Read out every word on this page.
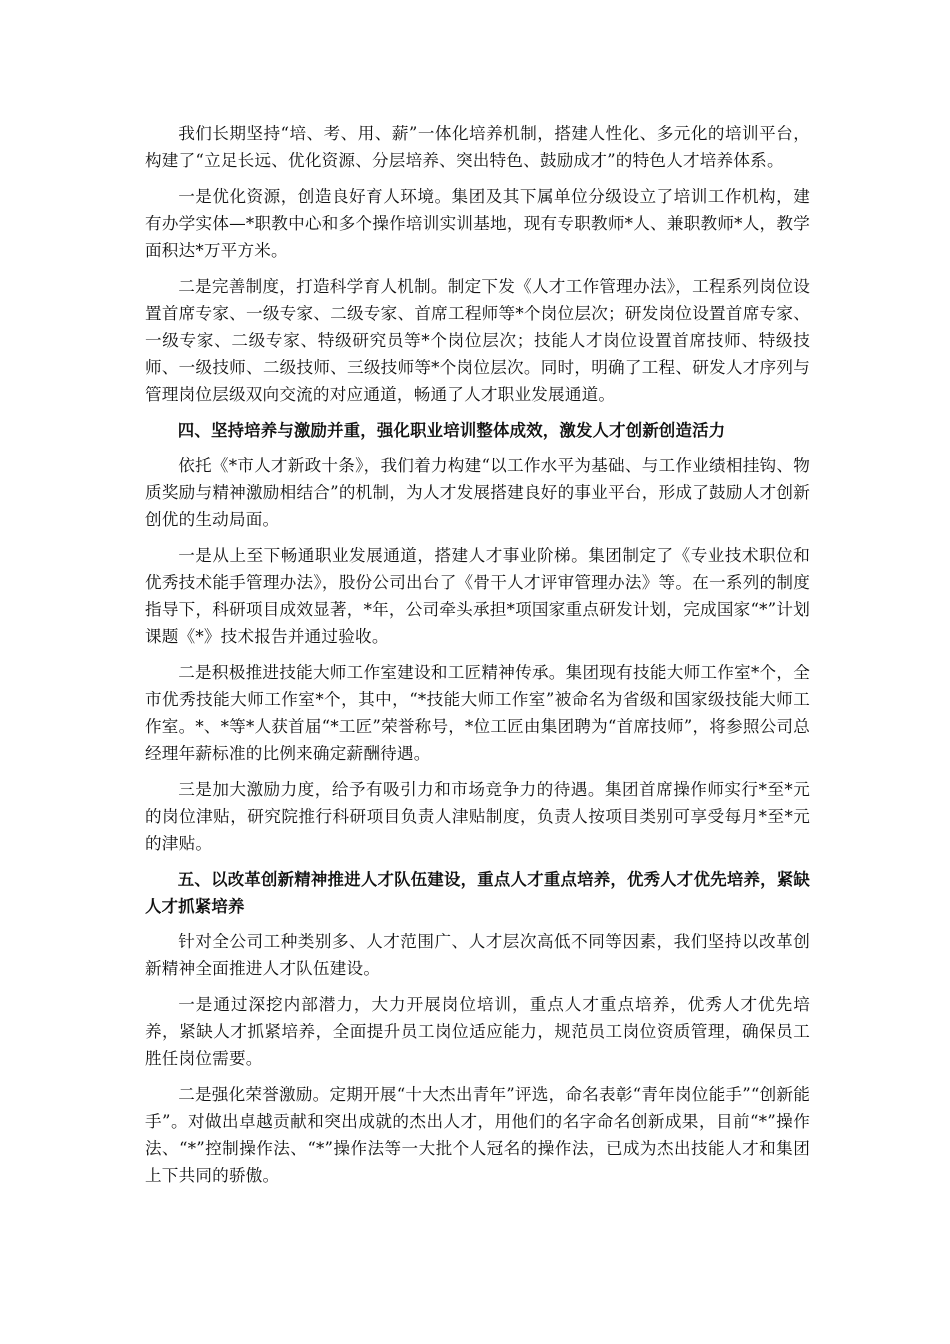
我们长期坚持“培、考、用、薪”一体化培养机制，搭建人性化、多元化的培训平台，构建了“立足长远、优化资源、分层培养、突出特色、鼓励成才”的特色人才培养体系。

一是优化资源，创造良好育人环境。集团及其下属单位分级设立了培训工作机构，建有办学实体—*职教中心和多个操作培训实训基地，现有专职教师*人、兼职教师*人，教学面积达*万平方米。

二是完善制度，打造科学育人机制。制定下发《人才工作管理办法》，工程系列岗位设置首席专家、一级专家、二级专家、首席工程师等*个岗位层次；研发岗位设置首席专家、一级专家、二级专家、特级研究员等*个岗位层次；技能人才岗位设置首席技师、特级技师、一级技师、二级技师、三级技师等*个岗位层次。同时，明确了工程、研发人才序列与管理岗位层级双向交流的对应通道，畅通了人才职业发展通道。

四、坚持培养与激励并重，强化职业培训整体成效，激发人才创新创造活力

依托《*市人才新政十条》，我们着力构建“以工作水平为基础、与工作业绩相挂钩、物质奖励与精神激励相结合”的机制，为人才发展搭建良好的事业平台，形成了鼓励人才创新创优的生动局面。

一是从上至下畅通职业发展通道，搭建人才事业阶梯。集团制定了《专业技术职位和优秀技术能手管理办法》，股份公司出台了《骨干人才评审管理办法》等。在一系列的制度指导下，科研项目成效显著，*年，公司牵头承担*项国家重点研发计划，完成国家“*”计划课题《*》技术报告并通过验收。

二是积极推进技能大师工作室建设和工匠精神传承。集团现有技能大师工作室*个，全市优秀技能大师工作室*个，其中，“*技能大师工作室”被命名为省级和国家级技能大师工作室。*、*等*人获首届“*工匠”荣誉称号，*位工匠由集团聘为“首席技师”，将参照公司总经理年薪标准的比例来确定薪酬待遇。

三是加大激励力度，给予有吸引力和市场竞争力的待遇。集团首席操作师实行*至*元的岗位津贴，研究院推行科研项目负责人津贴制度，负责人按项目类别可享受每月*至*元的津贴。

五、以改革创新精神推进人才队伍建设，重点人才重点培养，优秀人才优先培养，紧缺人才抓紧培养

针对全公司工种类别多、人才范围广、人才层次高低不同等因素，我们坚持以改革创新精神全面推进人才队伍建设。

一是通过深挖内部潜力，大力开展岗位培训，重点人才重点培养，优秀人才优先培养，紧缺人才抓紧培养，全面提升员工岗位适应能力，规范员工岗位资质管理，确保员工胜任岗位需要。

二是强化荣誉激励。定期开展“十大杰出青年”评选，命名表彰“青年岗位能手”“创新能手”。对做出卓越贡献和突出成就的杰出人才，用他们的名字命名创新成果，目前“*”操作法、“*”控制操作法、“*”操作法等一大批个人冠名的操作法，已成为杰出技能人才和集团上下共同的骄傲。
